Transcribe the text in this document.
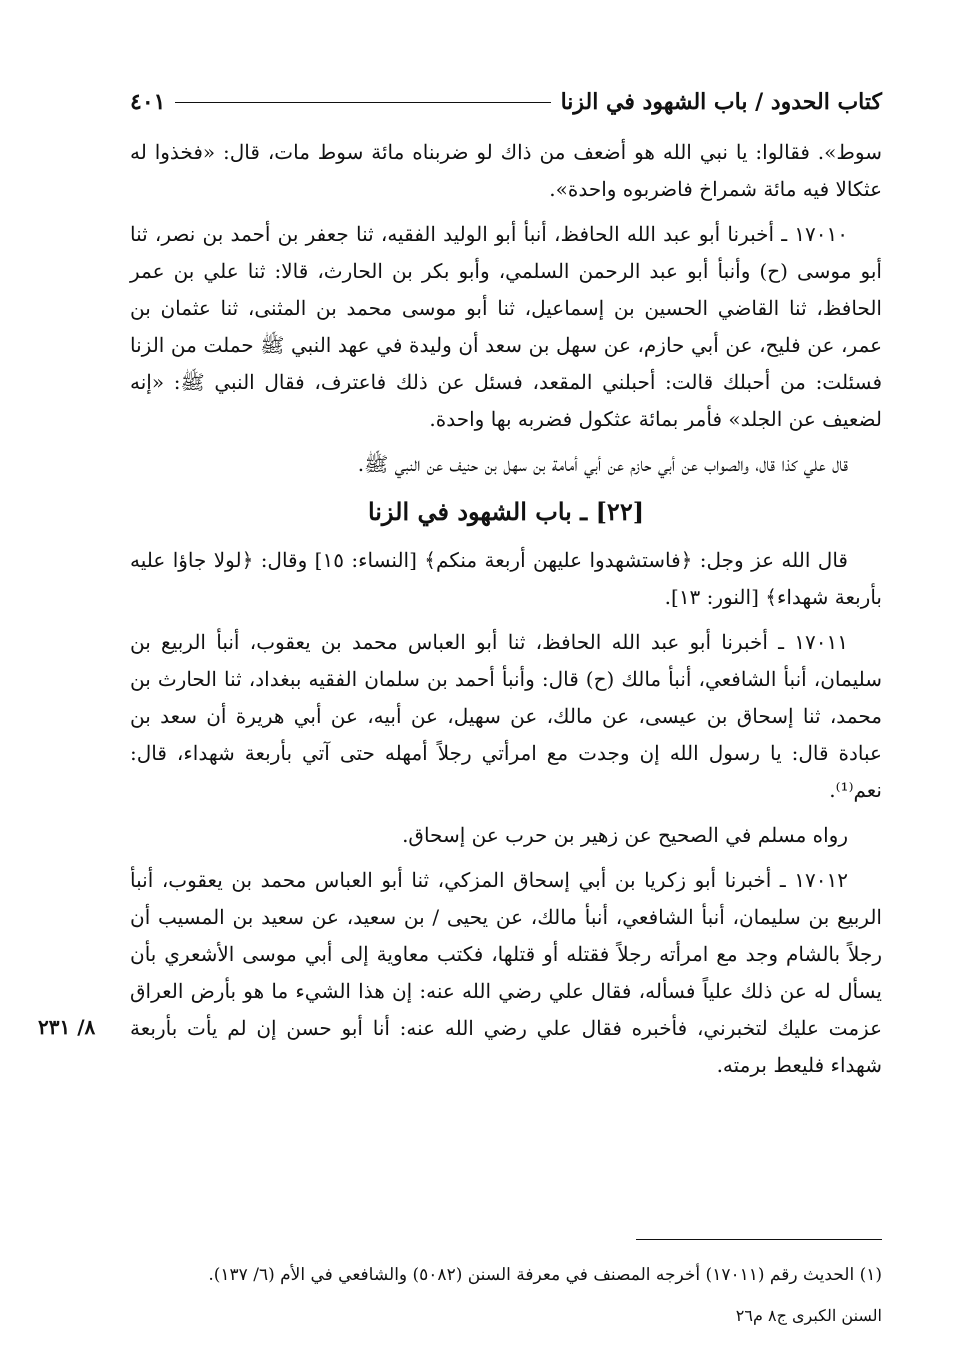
كتاب الحدود / باب الشهود في الزنا
٤٠١

سوط». فقالوا: يا نبي الله هو أضعف من ذاك لو ضربناه مائة سوط مات، قال: «فخذوا له عثكالا فيه مائة شمراخ فاضربوه واحدة».

١٧٠١٠ ـ أخبرنا أبو عبد الله الحافظ، أنبأ أبو الوليد الفقيه، ثنا جعفر بن أحمد بن نصر، ثنا أبو موسى (ح) وأنبأ أبو عبد الرحمن السلمي، وأبو بكر بن الحارث، قالا: ثنا علي بن عمر الحافظ، ثنا القاضي الحسين بن إسماعيل، ثنا أبو موسى محمد بن المثنى، ثنا عثمان بن عمر، عن فليح، عن أبي حازم، عن سهل بن سعد أن وليدة في عهد النبي ﷺ حملت من الزنا فسئلت: من أحبلك قالت: أحبلني المقعد، فسئل عن ذلك فاعترف، فقال النبي ﷺ: «إنه لضعيف عن الجلد» فأمر بمائة عثكول فضربه بها واحدة.

قال علي كذا قال، والصواب عن أبي حازم عن أبي أمامة بن سهل بن حنيف عن النبي ﷺ.

[٢٢] ـ باب الشهود في الزنا

قال الله عز وجل: ﴿فاستشهدوا عليهن أربعة منكم﴾ [النساء: ١٥] وقال: ﴿لولا جاؤا عليه بأربعة شهداء﴾ [النور: ١٣].

١٧٠١١ ـ أخبرنا أبو عبد الله الحافظ، ثنا أبو العباس محمد بن يعقوب، أنبأ الربيع بن سليمان، أنبأ الشافعي، أنبأ مالك (ح) قال: وأنبأ أحمد بن سلمان الفقيه ببغداد، ثنا الحارث بن محمد، ثنا إسحاق بن عيسى، عن مالك، عن سهيل، عن أبيه، عن أبي هريرة أن سعد بن عبادة قال: يا رسول الله إن وجدت مع امرأتي رجلاً أمهله حتى آتي بأربعة شهداء، قال: نعم⁽¹⁾.

رواه مسلم في الصحيح عن زهير بن حرب عن إسحاق.

١٧٠١٢ ـ أخبرنا أبو زكريا بن أبي إسحاق المزكي، ثنا أبو العباس محمد بن يعقوب، أنبأ الربيع بن سليمان، أنبأ الشافعي، أنبأ مالك، عن يحيى / بن سعيد، عن سعيد بن المسيب أن رجلاً بالشام وجد مع امرأته رجلاً فقتله أو قتلها، فكتب معاوية إلى أبي موسى الأشعري بأن يسأل له عن ذلك علياً فسأله، فقال علي رضي الله عنه: إن هذا الشيء ما هو بأرض العراق عزمت عليك لتخبرني، فأخبره فقال علي رضي الله عنه: أنا أبو حسن إن لم يأت بأربعة شهداء فليعط برمته.

٨/ ٢٣١
(١) الحديث رقم (١٧٠١١) أخرجه المصنف في معرفة السنن (٥٠٨٢) والشافعي في الأم (٦/ ١٣٧).
السنن الكبرى ج٨ م٢٦
